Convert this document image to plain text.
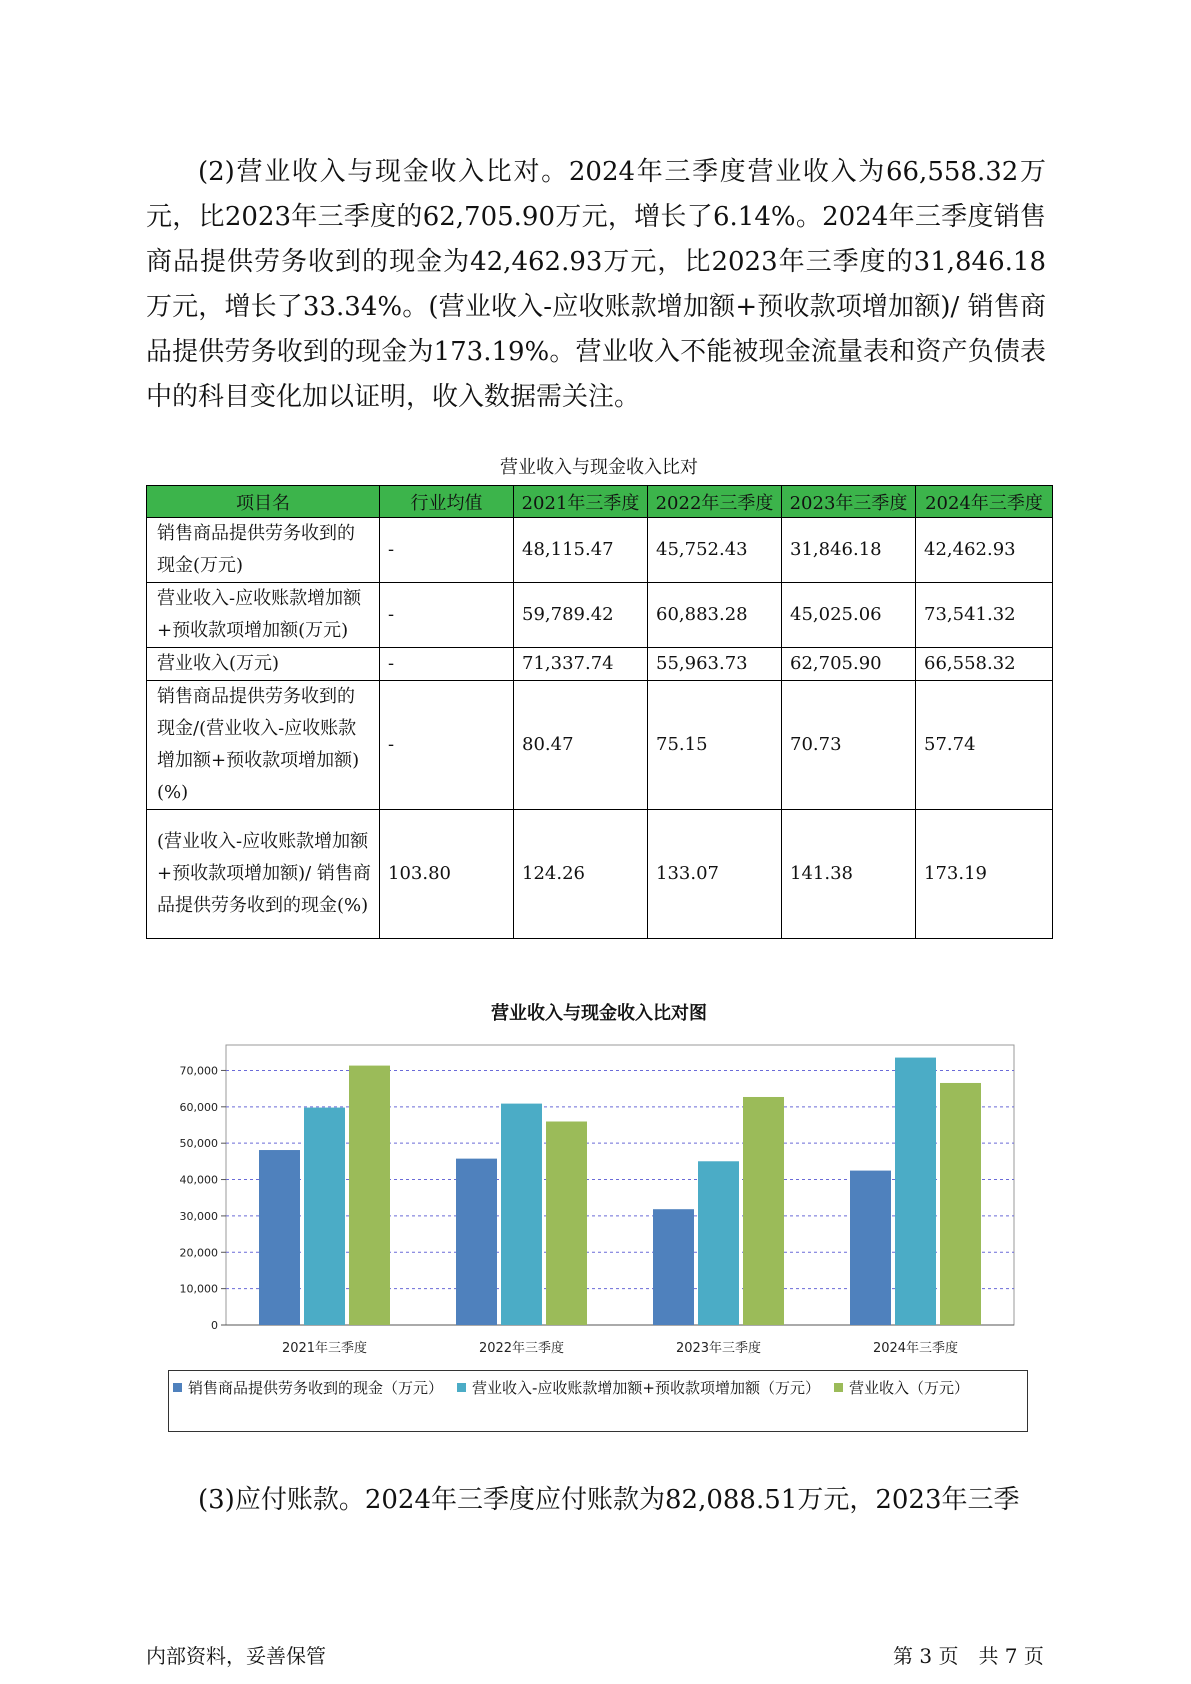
(2)营业收入与现金收入比对。2024年三季度营业收入为66,558.32万元，比2023年三季度的62,705.90万元，增长了6.14%。2024年三季度销售商品提供劳务收到的现金为42,462.93万元，比2023年三季度的31,846.18万元，增长了33.34%。(营业收入-应收账款增加额+预收款项增加额)/ 销售商品提供劳务收到的现金为173.19%。营业收入不能被现金流量表和资产负债表中的科目变化加以证明，收入数据需关注。
营业收入与现金收入比对
项目名	行业均值	2021年三季度	2022年三季度	2023年三季度	2024年三季度
销售商品提供劳务收到的现金(万元)	-	48,115.47	45,752.43	31,846.18	42,462.93
营业收入-应收账款增加额+预收款项增加额(万元)	-	59,789.42	60,883.28	45,025.06	73,541.32
营业收入(万元)	-	71,337.74	55,963.73	62,705.90	66,558.32
销售商品提供劳务收到的现金/(营业收入-应收账款增加额+预收款项增加额)(%)	-	80.47	75.15	70.73	57.74
(营业收入-应收账款增加额+预收款项增加额)/ 销售商品提供劳务收到的现金(%)	103.80	124.26	133.07	141.38	173.19
营业收入与现金收入比对图
0
10,000
20,000
30,000
40,000
50,000
60,000
70,000
2021年三季度	2022年三季度	2023年三季度	2024年三季度
销售商品提供劳务收到的现金（万元） 营业收入-应收账款增加额+预收款项增加额（万元） 营业收入（万元）
(3)应付账款。2024年三季度应付账款为82,088.51万元，2023年三季
内部资料，妥善保管	第 3 页　共 7 页
